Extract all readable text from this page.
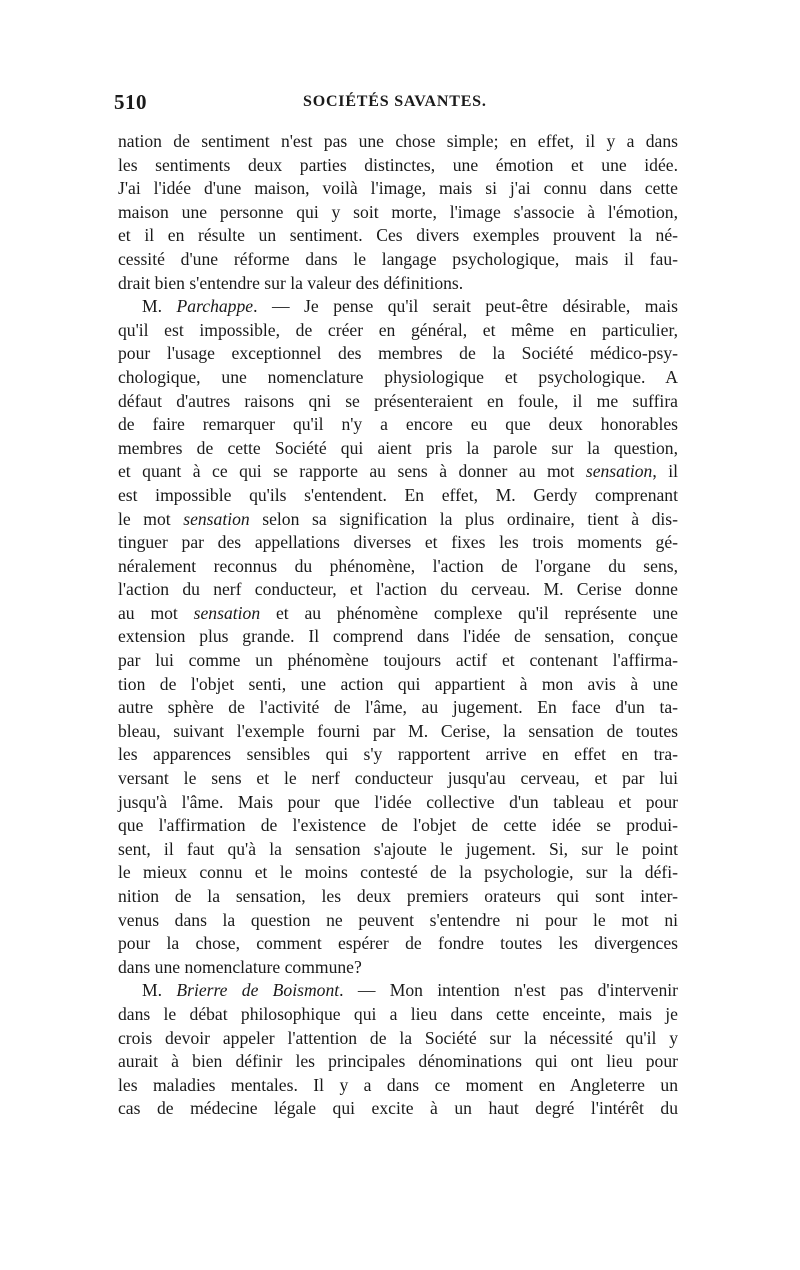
510	SOCIÉTÉS SAVANTES.
nation de sentiment n'est pas une chose simple; en effet, il y a dans
les sentiments deux parties distinctes, une émotion et une idée.
J'ai l'idée d'une maison, voilà l'image, mais si j'ai connu dans cette
maison une personne qui y soit morte, l'image s'associe à l'émotion,
et il en résulte un sentiment. Ces divers exemples prouvent la né-
cessité d'une réforme dans le langage psychologique, mais il fau-
drait bien s'entendre sur la valeur des définitions.
M. Parchappe. — Je pense qu'il serait peut-être désirable, mais
qu'il est impossible, de créer en général, et même en particulier,
pour l'usage exceptionnel des membres de la Société médico-psy-
chologique, une nomenclature physiologique et psychologique. A
défaut d'autres raisons qni se présenteraient en foule, il me suffira
de faire remarquer qu'il n'y a encore eu que deux honorables
membres de cette Société qui aient pris la parole sur la question,
et quant à ce qui se rapporte au sens à donner au mot sensation, il
est impossible qu'ils s'entendent. En effet, M. Gerdy comprenant
le mot sensation selon sa signification la plus ordinaire, tient à dis-
tinguer par des appellations diverses et fixes les trois moments gé-
néralement reconnus du phénomène, l'action de l'organe du sens,
l'action du nerf conducteur, et l'action du cerveau. M. Cerise donne
au mot sensation et au phénomène complexe qu'il représente une
extension plus grande. Il comprend dans l'idée de sensation, conçue
par lui comme un phénomène toujours actif et contenant l'affirma-
tion de l'objet senti, une action qui appartient à mon avis à une
autre sphère de l'activité de l'âme, au jugement. En face d'un ta-
bleau, suivant l'exemple fourni par M. Cerise, la sensation de toutes
les apparences sensibles qui s'y rapportent arrive en effet en tra-
versant le sens et le nerf conducteur jusqu'au cerveau, et par lui
jusqu'à l'âme. Mais pour que l'idée collective d'un tableau et pour
que l'affirmation de l'existence de l'objet de cette idée se produi-
sent, il faut qu'à la sensation s'ajoute le jugement. Si, sur le point
le mieux connu et le moins contesté de la psychologie, sur la défi-
nition de la sensation, les deux premiers orateurs qui sont inter-
venus dans la question ne peuvent s'entendre ni pour le mot ni
pour la chose, comment espérer de fondre toutes les divergences
dans une nomenclature commune?
M. Brierre de Boismont. — Mon intention n'est pas d'intervenir
dans le débat philosophique qui a lieu dans cette enceinte, mais je
crois devoir appeler l'attention de la Société sur la nécessité qu'il y
aurait à bien définir les principales dénominations qui ont lieu pour
les maladies mentales. Il y a dans ce moment en Angleterre un
cas de médecine légale qui excite à un haut degré l'intérêt du
